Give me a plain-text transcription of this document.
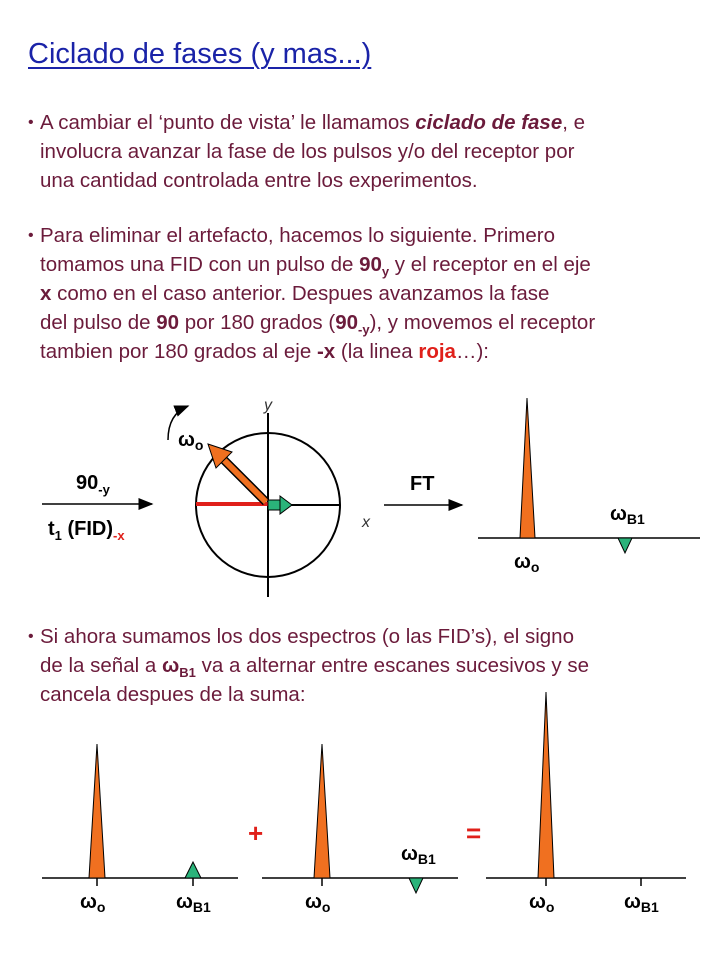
Ciclado de fases (y mas...)
• A cambiar el ‘punto de vista’ le llamamos ciclado de fase, e
involucra avanzar la fase de los pulsos y/o del receptor por
una cantidad controlada entre los experimentos.
• Para eliminar el artefacto, hacemos lo siguiente. Primero
tomamos una FID con un pulso de $90_y$ y el receptor en el eje
x como en el caso anterior. Despues avanzamos la fase
del pulso de 90 por 180 grados $(90_{-y})$, y movemos el receptor
tambien por 180 grados al eje -x (la linea roja…):
• Si ahora sumamos los dos espectros (o las FID’s), el signo
de la señal a $\omega_{B1}$ va a alternar entre escanes sucesivos y se
cancela despues de la suma:
$90_{-y}$
$t_1$ $(FID)_{-x}$
y
x
$\omega_o$
FT
$\omega_{B1}$
$\omega_o$
$\omega_o$	$\omega_{B1}$
+
$\omega_{B1}$
$\omega_o$
=
$\omega_o$	$\omega_{B1}$
